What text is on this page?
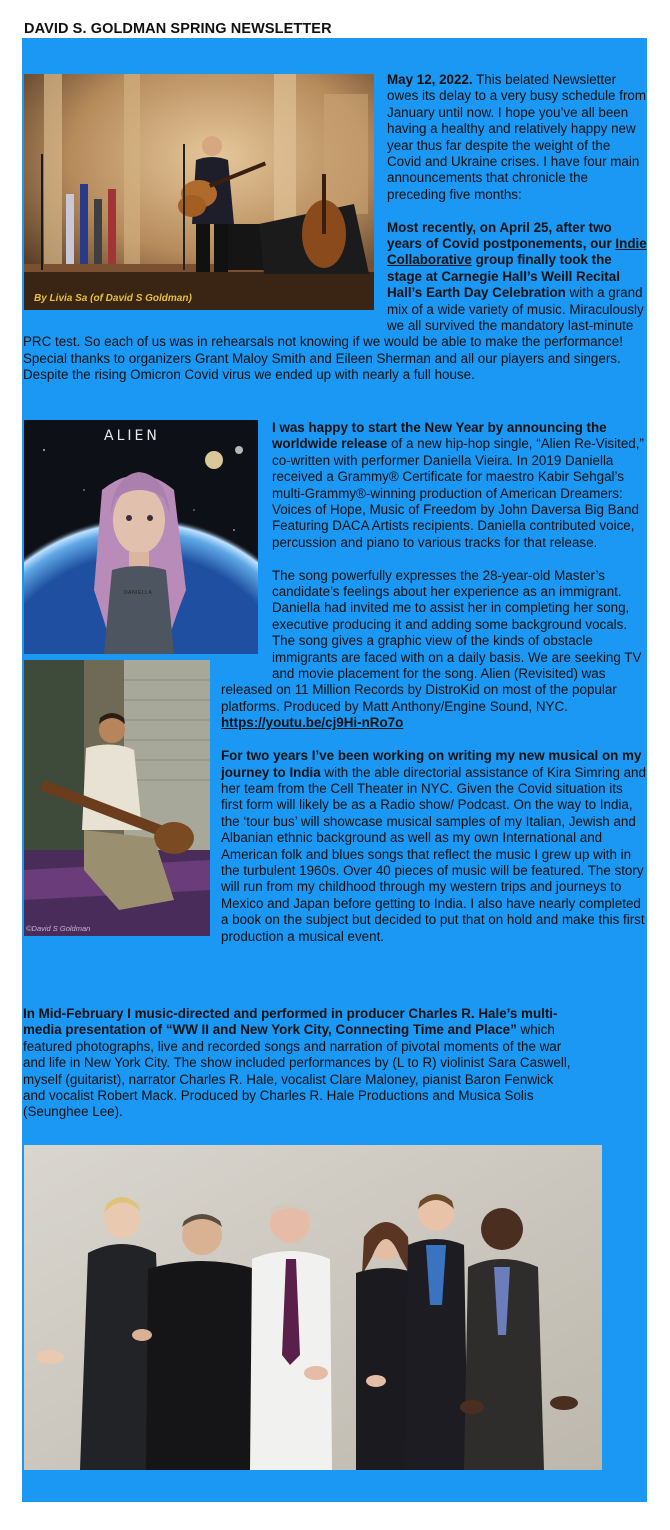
DAVID S. GOLDMAN SPRING NEWSLETTER
By Livia Sa (of David S Goldman)
ALIEN
DANIELLA
©David S Goldman

May 12, 2022. This belated Newsletter owes its delay to a very busy schedule from January until now. I hope you’ve all been having a healthy and relatively happy new year thus far despite the weight of the Covid and Ukraine crises. I have four main announcements that chronicle the preceding five months:

Most recently, on April 25, after two years of Covid postponements, our Indie Collaborative group finally took the stage at Carnegie Hall’s Weill Recital Hall’s Earth Day Celebration with a grand mix of a wide variety of music. Miraculously we all survived the mandatory last-minute PRC test. So each of us was in rehearsals not knowing if we would be able to make the performance! Special thanks to organizers Grant Maloy Smith and Eileen Sherman and all our players and singers. Despite the rising Omicron Covid virus we ended up with nearly a full house.

I was happy to start the New Year by announcing the worldwide release of a new hip-hop single, “Alien Re-Visited,” co-written with performer Daniella Vieira. In 2019 Daniella received a Grammy® Certificate for maestro Kabir Sehgal’s multi-Grammy®-winning production of American Dreamers: Voices of Hope, Music of Freedom by John Daversa Big Band Featuring DACA Artists recipients. Daniella contributed voice, percussion and piano to various tracks for that release.

The song powerfully expresses the 28-year-old Master’s candidate’s feelings about her experience as an immigrant. Daniella had invited me to assist her in completing her song, executive producing it and adding some background vocals. The song gives a graphic view of the kinds of obstacle immigrants are faced with on a daily basis. We are seeking TV and movie placement for the song. Alien (Revisited) was released on 11 Million Records by DistroKid on most of the popular platforms. Produced by Matt Anthony/Engine Sound, NYC. https://youtu.be/cj9Hi-nRo7o

For two years I’ve been working on writing my new musical on my journey to India with the able directorial assistance of Kira Simring and her team from the Cell Theater in NYC. Given the Covid situation its first form will likely be as a Radio show/ Podcast. On the way to India, the ‘tour bus’ will showcase musical samples of my Italian, Jewish and Albanian ethnic background as well as my own International and American folk and blues songs that reflect the music I grew up with in the turbulent 1960s. Over 40 pieces of music will be featured. The story will run from my childhood through my western trips and journeys to Mexico and Japan before getting to India. I also have nearly completed a book on the subject but decided to put that on hold and make this first production a musical event.

In Mid-February I music-directed and performed in producer Charles R. Hale’s multi-media presentation of “WW II and New York City, Connecting Time and Place” which featured photographs, live and recorded songs and narration of pivotal moments of the war and life in New York City. The show included performances by (L to R) violinist Sara Caswell, myself (guitarist), narrator Charles R. Hale, vocalist Clare Maloney, pianist Baron Fenwick and vocalist Robert Mack. Produced by Charles R. Hale Productions and Musica Solis (Seunghee Lee).
